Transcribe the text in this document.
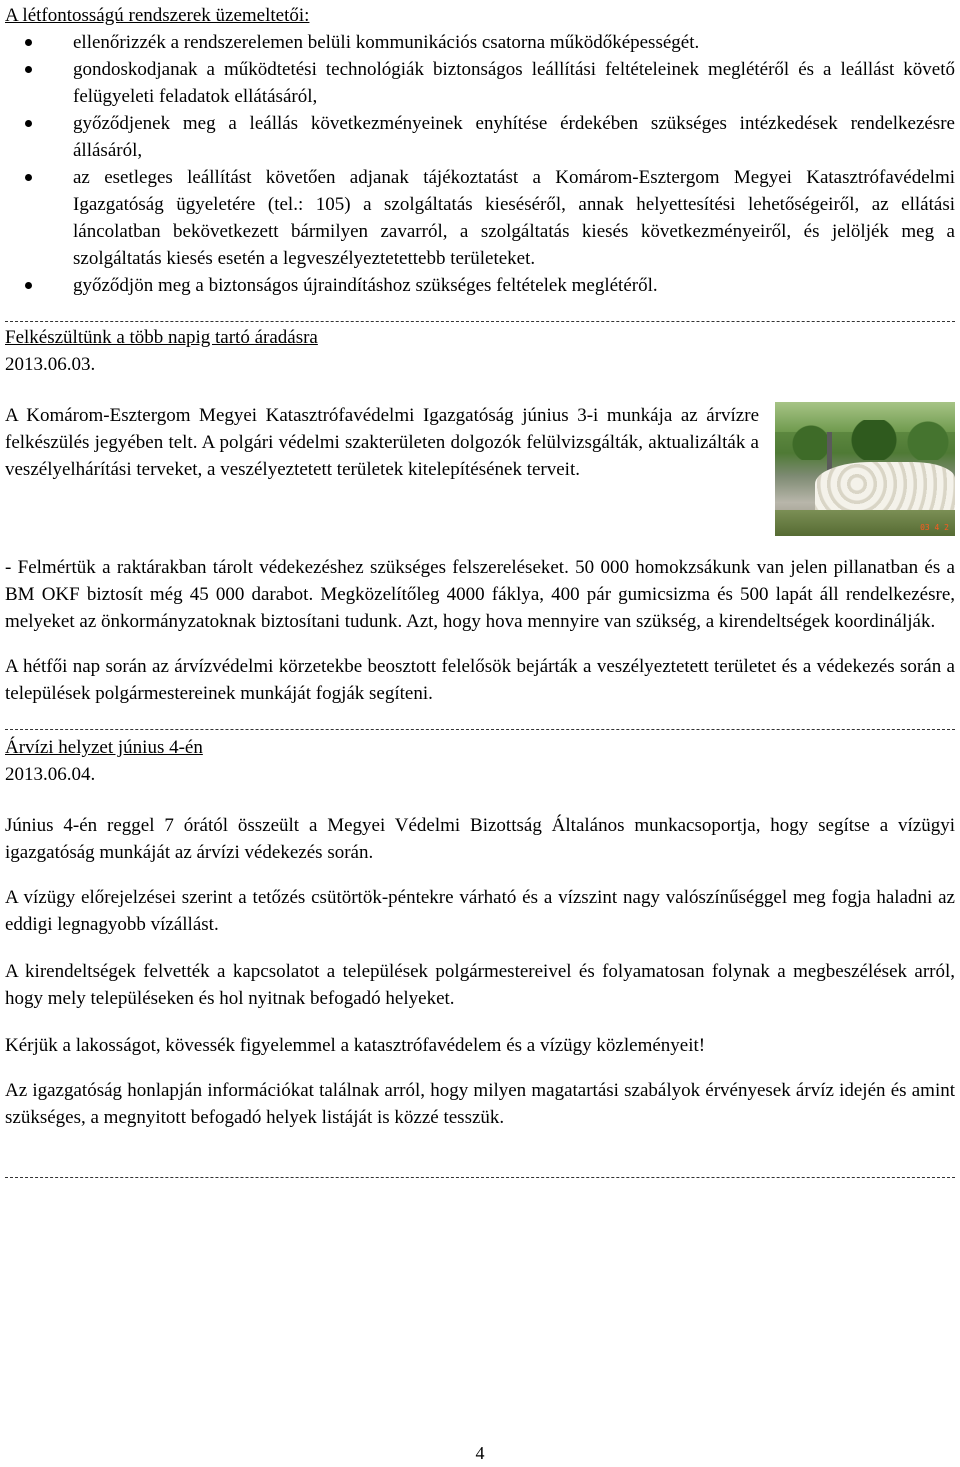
A létfontosságú rendszerek üzemeltetői:

ellenőrizzék a rendszerelemen belüli kommunikációs csatorna működőképességét.
gondoskodjanak a működtetési technológiák biztonságos leállítási feltételeinek meglétéről és a leállást követő felügyeleti feladatok ellátásáról,
győződjenek meg a leállás következményeinek enyhítése érdekében szükséges intézkedések rendelkezésre állásáról,
az esetleges leállítást követően adjanak tájékoztatást a Komárom-Esztergom Megyei Katasztrófavédelmi Igazgatóság ügyeletére (tel.: 105) a szolgáltatás kieséséről, annak helyettesítési lehetőségeiről, az ellátási láncolatban bekövetkezett bármilyen zavarról, a szolgáltatás kiesés következményeiről, és jelöljék meg a szolgáltatás kiesés esetén a legveszélyeztetettebb területeket.
győződjön meg a biztonságos újraindításhoz szükséges feltételek meglétéről.

Felkészültünk a több napig tartó áradásra

2013.06.03.

03 4 2

A Komárom-Esztergom Megyei Katasztrófavédelmi Igazgatóság június 3-i munkája az árvízre felkészülés jegyében telt. A polgári védelmi szakterületen dolgozók felülvizsgálták, aktualizálták a veszélyelhárítási terveket, a veszélyeztetett területek kitelepítésének terveit.

- Felmértük a raktárakban tárolt védekezéshez szükséges felszereléseket. 50 000 homokzsákunk van jelen pillanatban és a BM OKF biztosít még 45 000 darabot. Megközelítőleg 4000 fáklya, 400 pár gumicsizma és 500 lapát áll rendelkezésre, melyeket az önkormányzatoknak biztosítani tudunk. Azt, hogy hova mennyire van szükség, a kirendeltségek koordinálják.

A hétfői nap során az árvízvédelmi körzetekbe beosztott felelősök bejárták a veszélyeztetett területet és a védekezés során a települések polgármestereinek munkáját fogják segíteni.

Árvízi helyzet június 4-én

2013.06.04.

Június 4-én reggel 7 órától összeült a Megyei Védelmi Bizottság Általános munkacsoportja, hogy segítse a vízügyi igazgatóság munkáját az árvízi védekezés során.

A vízügy előrejelzései szerint a tetőzés csütörtök-péntekre várható és a vízszint nagy valószínűséggel meg fogja haladni az eddigi legnagyobb vízállást.

A kirendeltségek felvették a kapcsolatot a települések polgármestereivel és folyamatosan folynak a megbeszélések arról, hogy mely településeken és hol nyitnak befogadó helyeket.

Kérjük a lakosságot, kövessék figyelemmel a katasztrófavédelem és a vízügy közleményeit!

Az igazgatóság honlapján információkat találnak arról, hogy milyen magatartási szabályok érvényesek árvíz idején és amint szükséges, a megnyitott befogadó helyek listáját is közzé tesszük.

4
